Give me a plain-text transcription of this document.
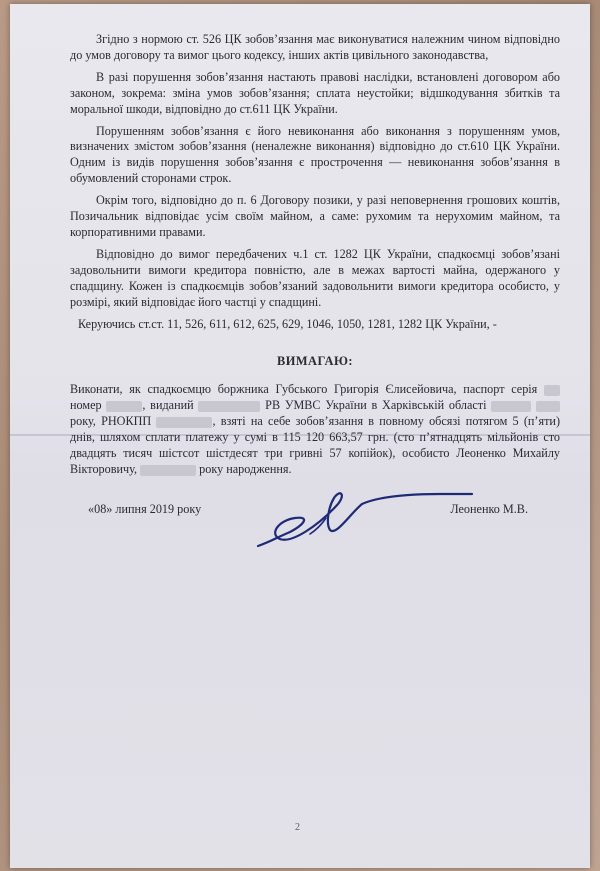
Згідно з нормою ст. 526 ЦК зобов’язання має виконуватися належним чином відповідно до умов договору та вимог цього кодексу, інших актів цивільного законодавства,

В разі порушення зобов’язання настають правові наслідки, встановлені договором або законом, зокрема: зміна умов зобов’язання; сплата неустойки; відшкодування збитків та моральної шкоди, відповідно до ст.611 ЦК України.

Порушенням зобов’язання є його невиконання або виконання з порушенням умов, визначених змістом зобов’язання (неналежне виконання) відповідно до ст.610 ЦК України. Одним із видів порушення зобов’язання є прострочення — невиконання зобов’язання в обумовлений сторонами строк.

Окрім того, відповідно до п. 6 Договору позики, у разі неповернення грошових коштів, Позичальник відповідає усім своїм майном, а саме: рухомим та нерухомим майном, та корпоративними правами.

Відповідно до вимог передбачених ч.1 ст. 1282 ЦК України, спадкоємці зобов’язані задовольнити вимоги кредитора повністю, але в межах вартості майна, одержаного у спадщину. Кожен із спадкоємців зобов’язаний задовольнити вимоги кредитора особисто, у розмірі, який відповідає його частці у спадщині.

Керуючись ст.ст. 11, 526, 611, 612, 625, 629, 1046, 1050, 1281, 1282 ЦК України, -

ВИМАГАЮ:

Виконати, як спадкоємцю боржника Губського Григорія Єлисейовича, паспорт серія  номер	, виданий	РВ УМВС України в Харківській області   року, РНОКПП	, взяті на себе зобов’язання в повному обсязі потягом 5 (п’яти) днів, шляхом сплати платежу у сумі в 115 120 663,57 грн. (сто п’ятнадцять мільйонів сто двадцять тисяч шістсот шістдесят три гривні 57 копійок), особисто Леоненко Михайлу Вікторовичу,	року народження.

«08» липня 2019 року	Леоненко М.В.
2
